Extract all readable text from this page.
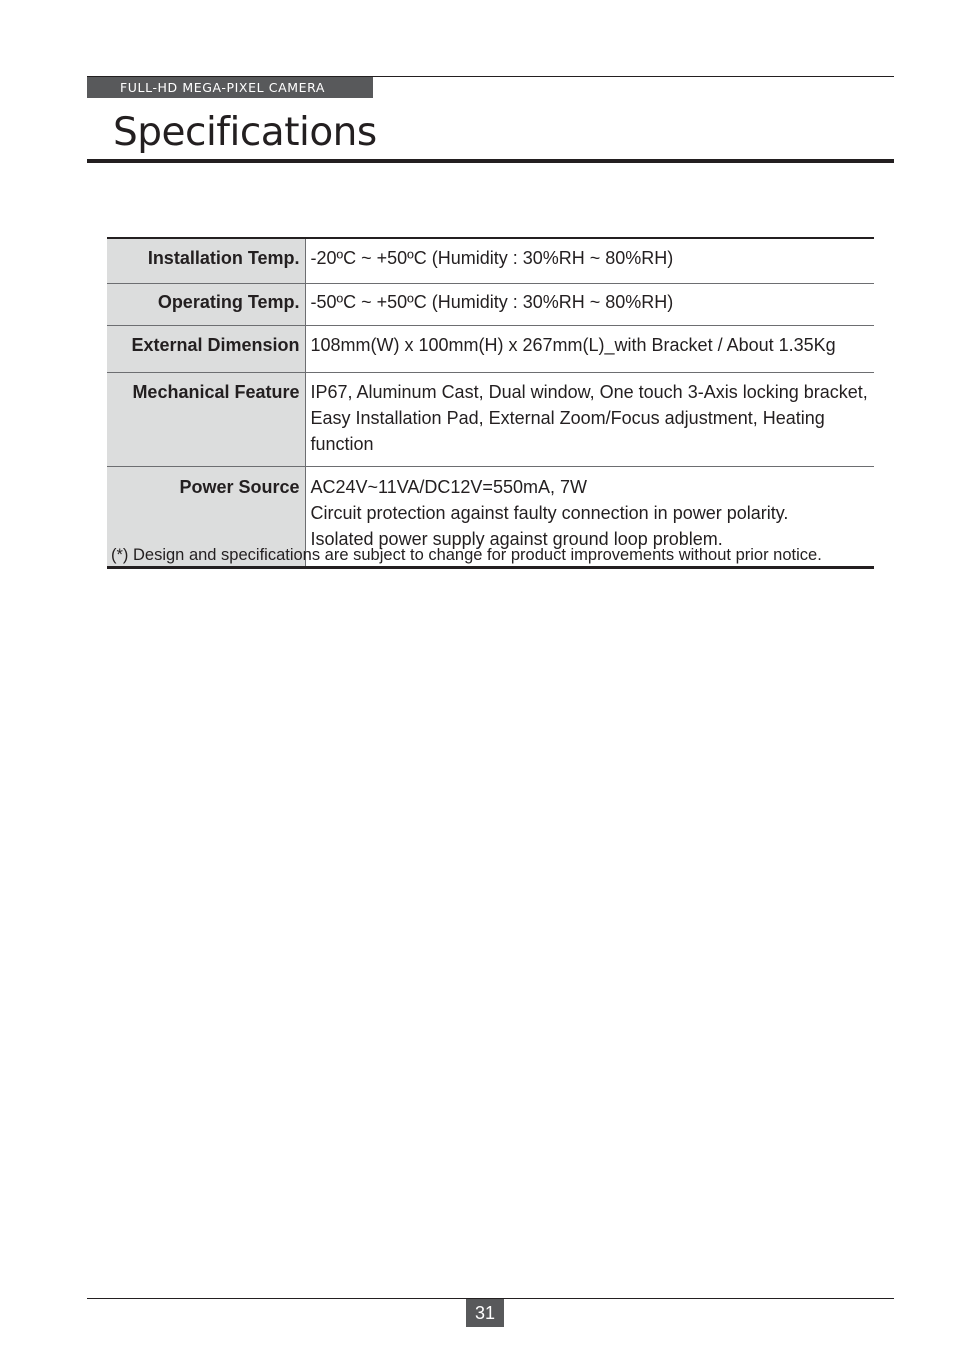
FULL-HD MEGA-PIXEL CAMERA
Specifications
Installation Temp.	-20ºC ~ +50ºC (Humidity : 30%RH ~ 80%RH)

Operating Temp.	-50ºC ~ +50ºC (Humidity : 30%RH ~ 80%RH)

External Dimension	108mm(W) x 100mm(H) x 267mm(L)_with Bracket / About 1.35Kg

Mechanical Feature	IP67, Aluminum Cast, Dual window, One touch 3-Axis locking bracket,
Easy Installation Pad, External Zoom/Focus adjustment, Heating
function

Power Source	AC24V~11VA/DC12V=550mA, 7W
Circuit protection against faulty connection in power polarity.
Isolated power supply against ground loop problem.
(*) Design and specifications are subject to change for product improvements without prior notice.
31
